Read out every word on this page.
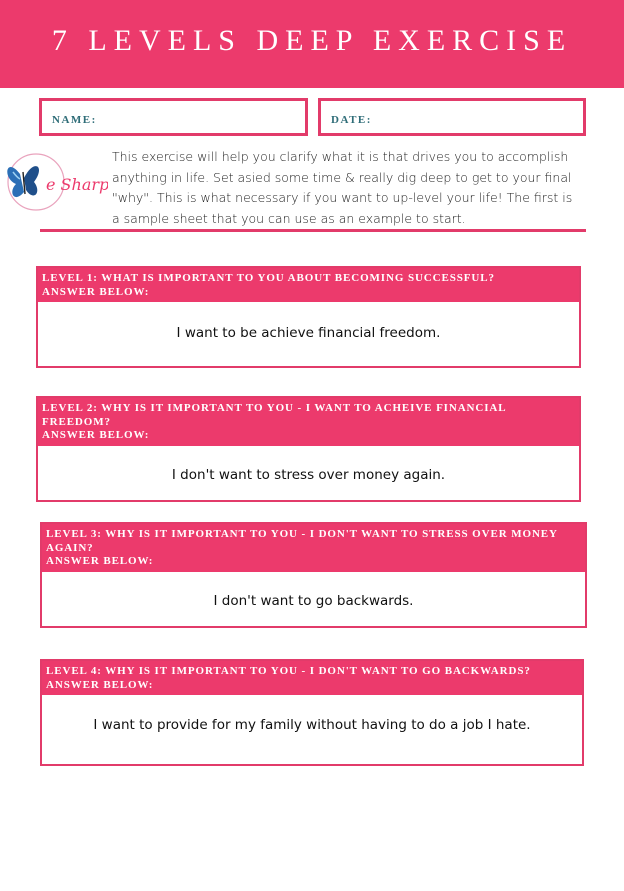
7 LEVELS DEEP EXERCISE
NAME:	DATE:
e Sharp
This exercise will help you clarify what it is that drives you to accomplish anything in life. Set asied some time & really dig deep to get to your final "why". This is what necessary if you want to up-level your life! The first is a sample sheet that you can use as an example to start.
LEVEL 1: WHAT IS IMPORTANT TO YOU ABOUT BECOMING SUCCESSFUL?
ANSWER BELOW:
I want to be achieve financial freedom.
LEVEL 2: WHY IS IT IMPORTANT TO YOU - I WANT TO ACHEIVE FINANCIAL FREEDOM?
ANSWER BELOW:
I don't want to stress over money again.
LEVEL 3: WHY IS IT IMPORTANT TO YOU - I DON'T WANT TO STRESS OVER MONEY AGAIN?
ANSWER BELOW:
I don't want to go backwards.
LEVEL 4: WHY IS IT IMPORTANT TO YOU - I DON'T WANT TO GO BACKWARDS?
ANSWER BELOW:
I want to provide for my family without having to do a job I hate.
